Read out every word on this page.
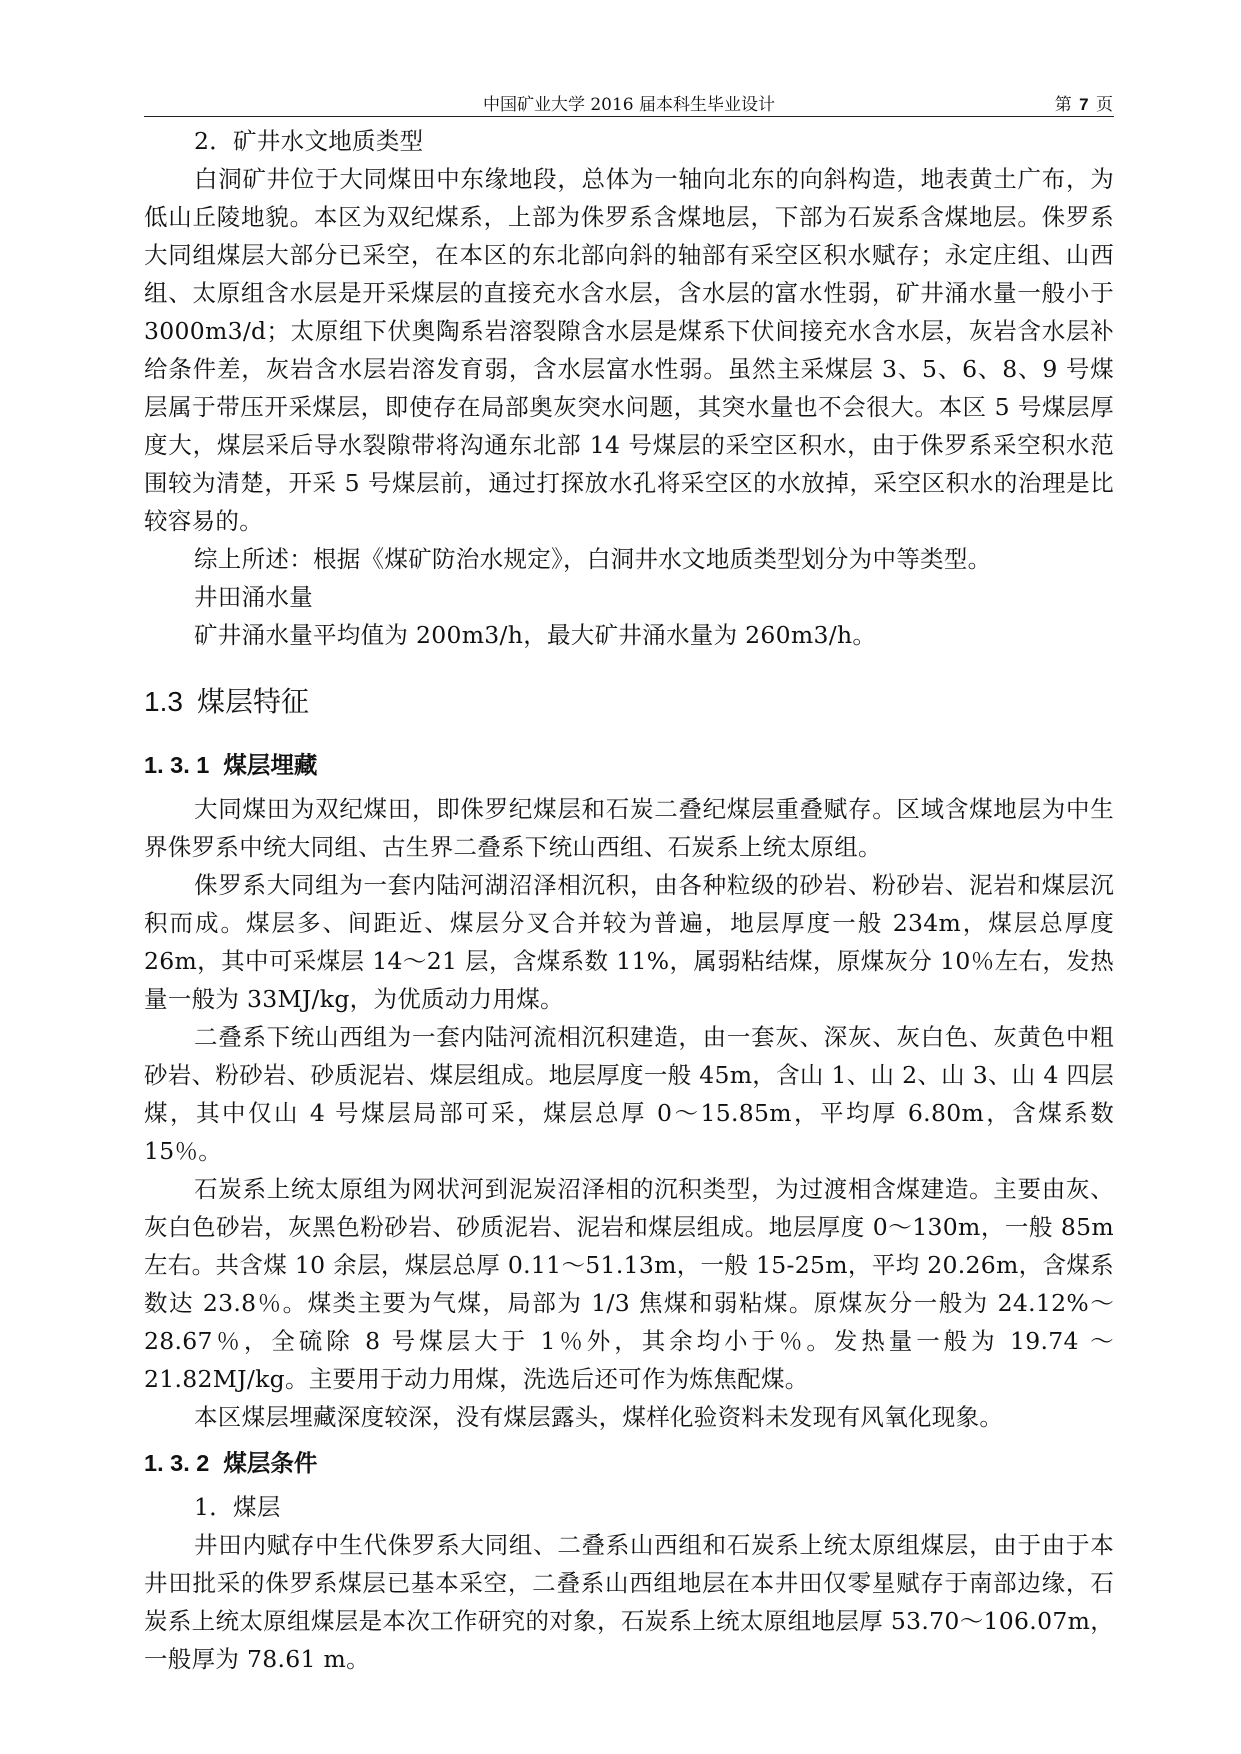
中国矿业大学 2016 届本科生毕业设计	第 7 页

2．矿井水文地质类型

白洞矿井位于大同煤田中东缘地段，总体为一轴向北东的向斜构造，地表黄土广布，为低山丘陵地貌。本区为双纪煤系，上部为侏罗系含煤地层，下部为石炭系含煤地层。侏罗系大同组煤层大部分已采空，在本区的东北部向斜的轴部有采空区积水赋存；永定庄组、山西组、太原组含水层是开采煤层的直接充水含水层，含水层的富水性弱，矿井涌水量一般小于 3000m3/d；太原组下伏奥陶系岩溶裂隙含水层是煤系下伏间接充水含水层，灰岩含水层补给条件差，灰岩含水层岩溶发育弱，含水层富水性弱。虽然主采煤层 3、5、6、8、9 号煤层属于带压开采煤层，即使存在局部奥灰突水问题，其突水量也不会很大。本区 5 号煤层厚度大，煤层采后导水裂隙带将沟通东北部 14 号煤层的采空区积水，由于侏罗系采空积水范围较为清楚，开采 5 号煤层前，通过打探放水孔将采空区的水放掉，采空区积水的治理是比较容易的。

综上所述：根据《煤矿防治水规定》，白洞井水文地质类型划分为中等类型。

井田涌水量

矿井涌水量平均值为 200m3/h，最大矿井涌水量为 260m3/h。

1.3 煤层特征
1. 3. 1 煤层埋藏

大同煤田为双纪煤田，即侏罗纪煤层和石炭二叠纪煤层重叠赋存。区域含煤地层为中生界侏罗系中统大同组、古生界二叠系下统山西组、石炭系上统太原组。

侏罗系大同组为一套内陆河湖沼泽相沉积，由各种粒级的砂岩、粉砂岩、泥岩和煤层沉积而成。煤层多、间距近、煤层分叉合并较为普遍，地层厚度一般 234m，煤层总厚度 26m，其中可采煤层 14～21 层，含煤系数 11%，属弱粘结煤，原煤灰分 10％左右，发热量一般为 33MJ/kg，为优质动力用煤。

二叠系下统山西组为一套内陆河流相沉积建造，由一套灰、深灰、灰白色、灰黄色中粗砂岩、粉砂岩、砂质泥岩、煤层组成。地层厚度一般 45m，含山 1、山 2、山 3、山 4 四层煤，其中仅山 4 号煤层局部可采，煤层总厚 0～15.85m，平均厚 6.80m，含煤系数 15％。

石炭系上统太原组为网状河到泥炭沼泽相的沉积类型，为过渡相含煤建造。主要由灰、灰白色砂岩，灰黑色粉砂岩、砂质泥岩、泥岩和煤层组成。地层厚度 0～130m，一般 85m 左右。共含煤 10 余层，煤层总厚 0.11～51.13m，一般 15-25m，平均 20.26m，含煤系数达 23.8％。煤类主要为气煤，局部为 1/3 焦煤和弱粘煤。原煤灰分一般为 24.12%～28.67％，全硫除 8 号煤层大于 1％外，其余均小于％。发热量一般为 19.74 ～21.82MJ/kg。主要用于动力用煤，洗选后还可作为炼焦配煤。

本区煤层埋藏深度较深，没有煤层露头，煤样化验资料未发现有风氧化现象。

1. 3. 2 煤层条件

1．煤层

井田内赋存中生代侏罗系大同组、二叠系山西组和石炭系上统太原组煤层，由于由于本井田批采的侏罗系煤层已基本采空，二叠系山西组地层在本井田仅零星赋存于南部边缘，石炭系上统太原组煤层是本次工作研究的对象，石炭系上统太原组地层厚 53.70～106.07m，一般厚为 78.61 m。
